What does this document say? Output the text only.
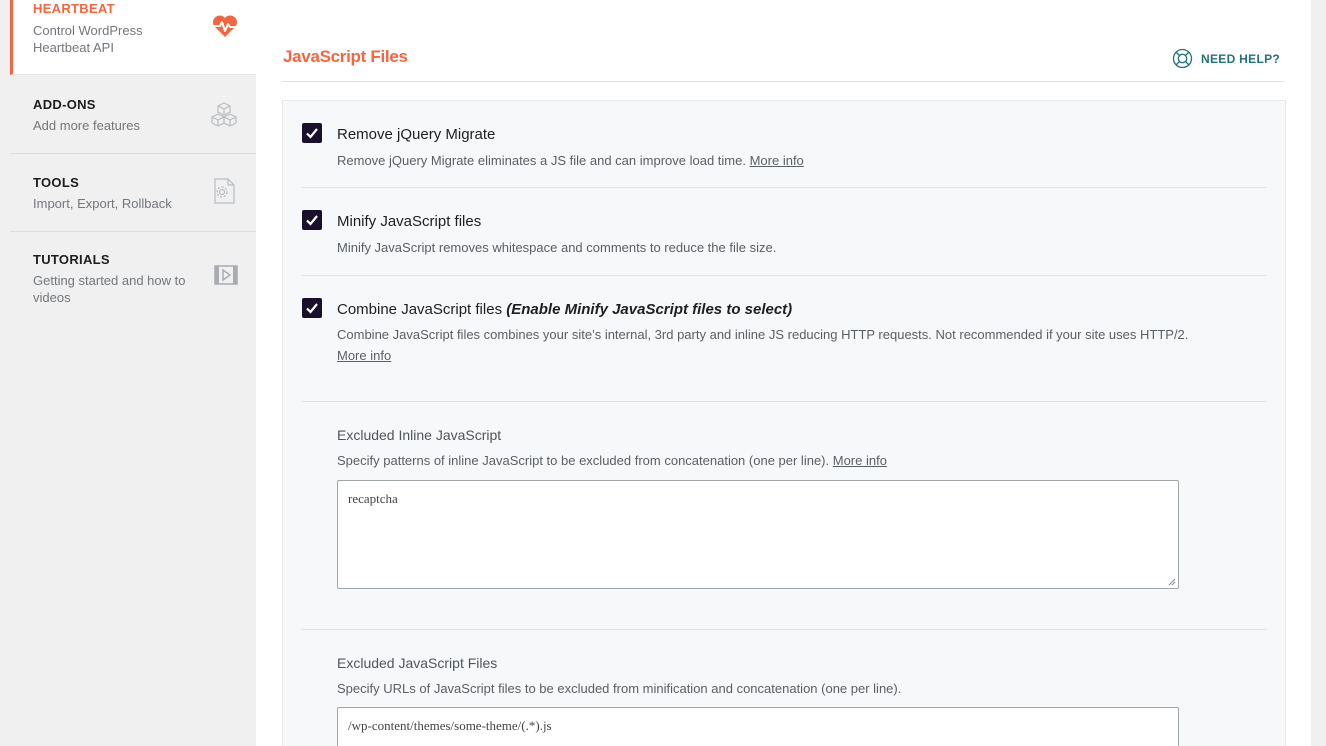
HEARTBEAT
Control WordPress Heartbeat API
ADD-ONS
Add more features
TOOLS
Import, Export, Rollback
TUTORIALS
Getting started and how to videos
JavaScript Files	NEED HELP?
Remove jQuery Migrate
Remove jQuery Migrate eliminates a JS file and can improve load time. More info
Minify JavaScript files
Minify JavaScript removes whitespace and comments to reduce the file size.
Combine JavaScript files (Enable Minify JavaScript files to select)
Combine JavaScript files combines your site’s internal, 3rd party and inline JS reducing HTTP requests. Not recommended if your site uses HTTP/2.
More info
Excluded Inline JavaScript
Specify patterns of inline JavaScript to be excluded from concatenation (one per line). More info
recaptcha
Excluded JavaScript Files
Specify URLs of JavaScript files to be excluded from minification and concatenation (one per line).
/wp-content/themes/some-theme/(.*).js
